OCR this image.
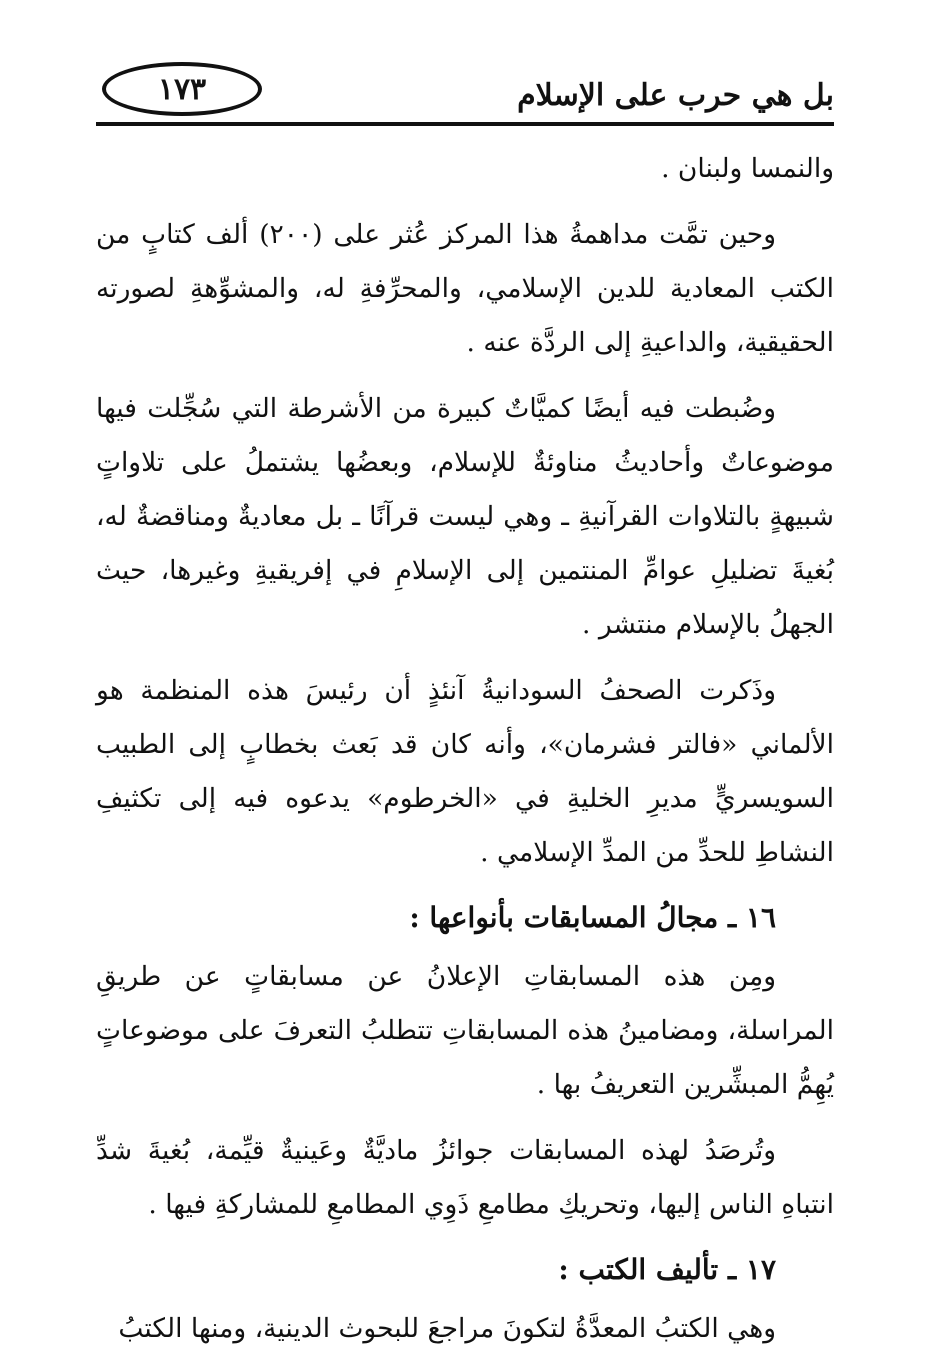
بل هي حرب على الإسلام
١٧٣

والنمسا ولبنان .

وحين تمَّت مداهمةُ هذا المركز عُثر على (٢٠٠) ألف كتابٍ من الكتب المعادية للدين الإسلامي، والمحرِّفةِ له، والمشوِّهةِ لصورته الحقيقية، والداعيةِ إلى الردَّة عنه .

وضُبطت فيه أيضًا كميَّاتٌ كبيرة من الأشرطة التي سُجِّلت فيها موضوعاتٌ وأحاديثُ مناوئةٌ للإسلام، وبعضُها يشتملُ على تلاواتٍ شبيهةٍ بالتلاوات القرآنيةِ ـ وهي ليست قرآنًا ـ بل معاديةٌ ومناقضةٌ له، بُغيةَ تضليلِ عوامِّ المنتمين إلى الإسلامِ في إفريقيةِ وغيرها، حيث الجهلُ بالإسلام منتشر .

وذَكرت الصحفُ السودانيةُ آنئذٍ أن رئيسَ هذه المنظمة هو الألماني «فالتر فشرمان»، وأنه كان قد بَعث بخطابٍ إلى الطبيب السويسريٍّ مديرِ الخليةِ في «الخرطوم» يدعوه فيه إلى تكثيفِ النشاطِ للحدِّ من المدِّ الإسلامي .

١٦ ـ مجالُ المسابقات بأنواعها :

ومِن هذه المسابقاتِ الإعلانُ عن مسابقاتٍ عن طريقِ المراسلة، ومضامينُ هذه المسابقاتِ تتطلبُ التعرفَ على موضوعاتٍ يُهِمُّ المبشِّرين التعريفُ بها .

وتُرصَدُ لهذه المسابقات جوائزُ ماديَّةٌ وعَينيةٌ قيِّمة، بُغيةَ شدِّ انتباهِ الناس إليها، وتحريكِ مطامعِ ذَوِي المطامعِ للمشاركةِ فيها .

١٧ ـ تأليف الكتب :

وهي الكتبُ المعدَّةُ لتكونَ مراجعَ للبحوث الدينية، ومنها الكتبُ
